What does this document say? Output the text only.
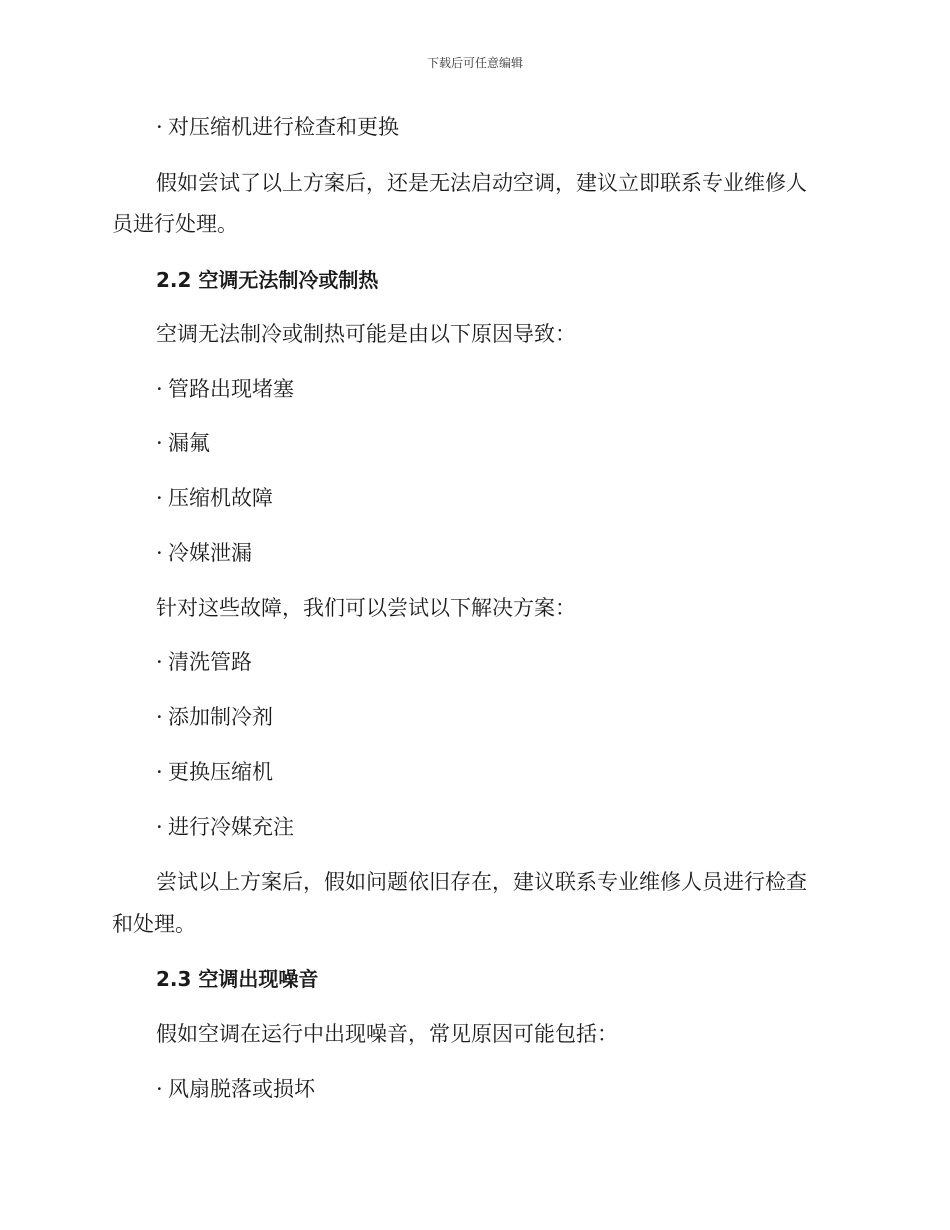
下载后可任意编辑
· 对压缩机进行检查和更换
假如尝试了以上方案后，还是无法启动空调，建议立即联系专业维修人
员进行处理。
2.2 空调无法制冷或制热
空调无法制冷或制热可能是由以下原因导致：
· 管路出现堵塞
· 漏氟
· 压缩机故障
· 冷媒泄漏
针对这些故障，我们可以尝试以下解决方案：
· 清洗管路
· 添加制冷剂
· 更换压缩机
· 进行冷媒充注
尝试以上方案后，假如问题依旧存在，建议联系专业维修人员进行检查
和处理。
2.3 空调出现噪音
假如空调在运行中出现噪音，常见原因可能包括：
· 风扇脱落或损坏
